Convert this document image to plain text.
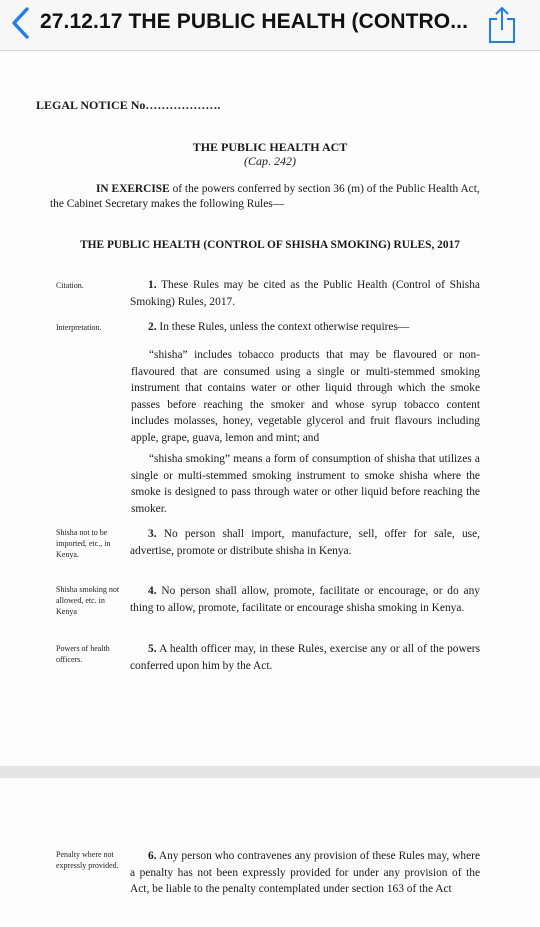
27.12.17 THE PUBLIC HEALTH (CONTRO...
LEGAL NOTICE No……………….
THE PUBLIC HEALTH ACT
(Cap. 242)
IN EXERCISE of the powers conferred by section 36 (m) of the Public Health Act, the Cabinet Secretary makes the following Rules—
THE PUBLIC HEALTH (CONTROL OF SHISHA SMOKING) RULES, 2017
Citation.	1. These Rules may be cited as the Public Health (Control of Shisha Smoking) Rules, 2017.
Interpretation.	2. In these Rules, unless the context otherwise requires—
“shisha” includes tobacco products that may be flavoured or non-flavoured that are consumed using a single or multi-stemmed smoking instrument that contains water or other liquid through which the smoke passes before reaching the smoker and whose syrup tobacco content includes molasses, honey, vegetable glycerol and fruit flavours including apple, grape, guava, lemon and mint; and
“shisha smoking” means a form of consumption of shisha that utilizes a single or multi-stemmed smoking instrument to smoke shisha where the smoke is designed to pass through water or other liquid before reaching the smoker.
Shisha not to be imported, etc., in Kenya.
3. No person shall import, manufacture, sell, offer for sale, use, advertise, promote or distribute shisha in Kenya.
Shisha smoking not allowed, etc. in Kenya
4. No person shall allow, promote, facilitate or encourage, or do any thing to allow, promote, facilitate or encourage shisha smoking in Kenya.
Powers of health officers.
5. A health officer may, in these Rules, exercise any or all of the powers conferred upon him by the Act.
Penalty where not expressly provided.
6. Any person who contravenes any provision of these Rules may, where a penalty has not been expressly provided for under any provision of the Act, be liable to the penalty contemplated under section 163 of the Act
